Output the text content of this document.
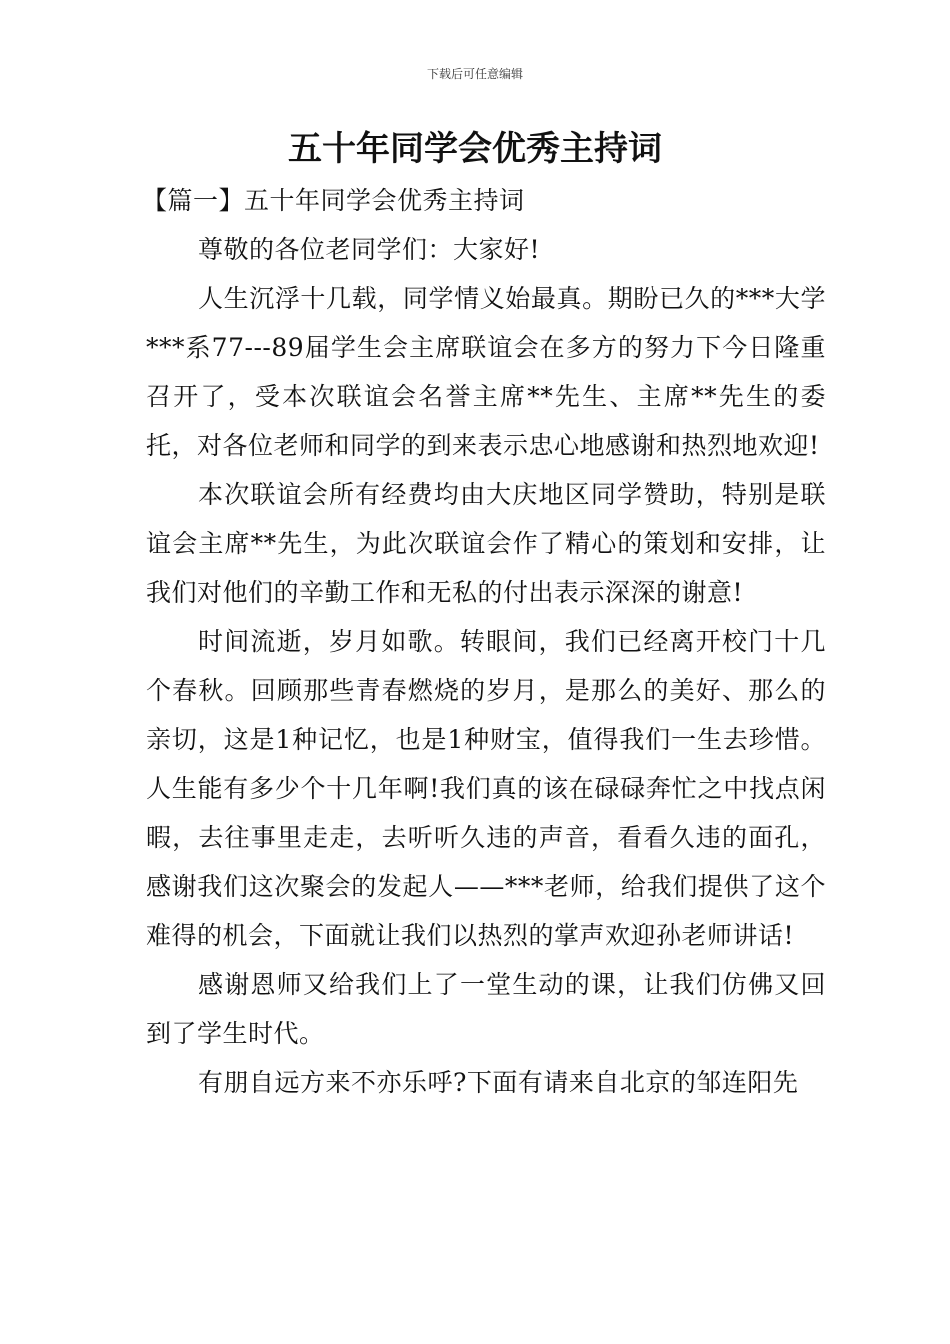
下载后可任意编辑
五十年同学会优秀主持词
【篇一】五十年同学会优秀主持词

尊敬的各位老同学们：大家好!

人生沉浮十几载，同学情义始最真。期盼已久的***大学***系77---89届学生会主席联谊会在多方的努力下今日隆重召开了，受本次联谊会名誉主席**先生、主席**先生的委托，对各位老师和同学的到来表示忠心地感谢和热烈地欢迎!

本次联谊会所有经费均由大庆地区同学赞助，特别是联谊会主席**先生，为此次联谊会作了精心的策划和安排，让我们对他们的辛勤工作和无私的付出表示深深的谢意!

时间流逝，岁月如歌。转眼间，我们已经离开校门十几个春秋。回顾那些青春燃烧的岁月，是那么的美好、那么的亲切，这是1种记忆，也是1种财宝，值得我们一生去珍惜。人生能有多少个十几年啊!我们真的该在碌碌奔忙之中找点闲暇，去往事里走走，去听听久违的声音，看看久违的面孔，感谢我们这次聚会的发起人——***老师，给我们提供了这个难得的机会，下面就让我们以热烈的掌声欢迎孙老师讲话!

感谢恩师又给我们上了一堂生动的课，让我们仿佛又回到了学生时代。

有朋自远方来不亦乐呼?下面有请来自北京的邹连阳先
